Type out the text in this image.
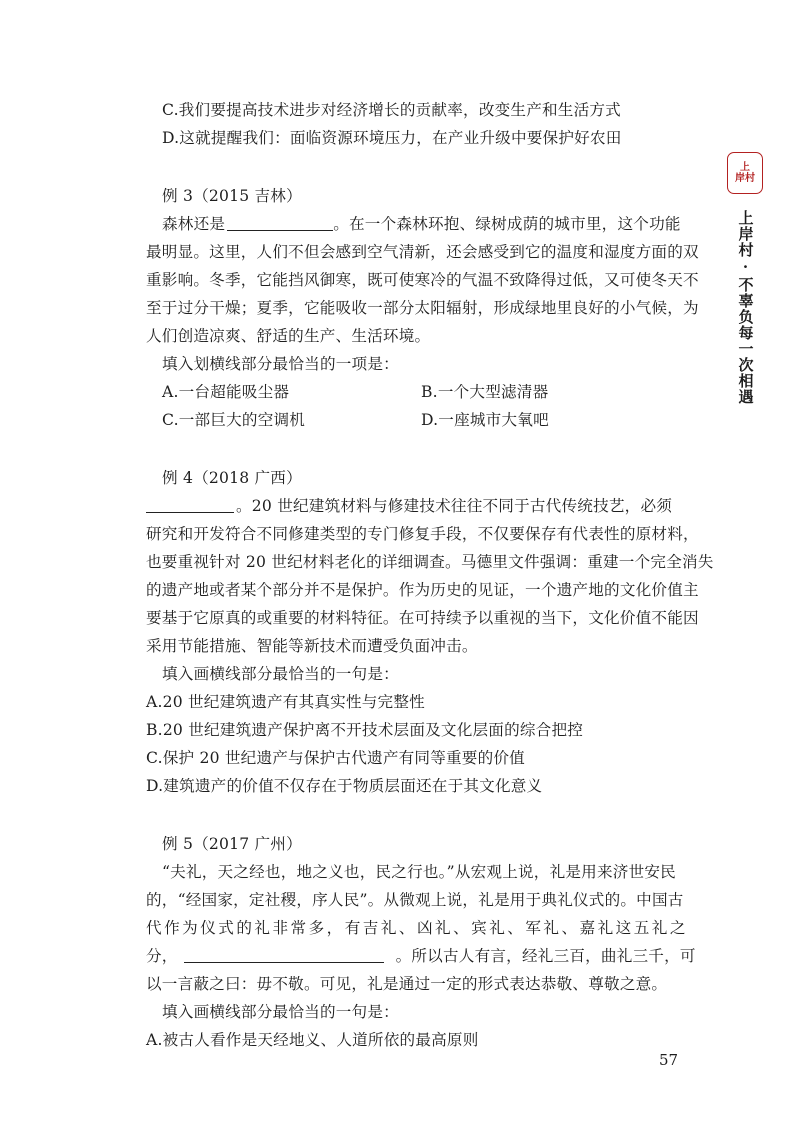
C.我们要提高技术进步对经济增长的贡献率，改变生产和生活方式
D.这就提醒我们：面临资源环境压力，在产业升级中要保护好农田
例 3（2015 吉林）
森林还是	。在一个森林环抱、绿树成荫的城市里，这个功能
最明显。这里，人们不但会感到空气清新，还会感受到它的温度和湿度方面的双
重影响。冬季，它能挡风御寒，既可使寒冷的气温不致降得过低，又可使冬天不
至于过分干燥；夏季，它能吸收一部分太阳辐射，形成绿地里良好的小气候，为
人们创造凉爽、舒适的生产、生活环境。
填入划横线部分最恰当的一项是：
A.一台超能吸尘器	B.一个大型滤清器
C.一部巨大的空调机	D.一座城市大氧吧
例 4（2018 广西）
。20 世纪建筑材料与修建技术往往不同于古代传统技艺，必须
研究和开发符合不同修建类型的专门修复手段，不仅要保存有代表性的原材料，
也要重视针对 20 世纪材料老化的详细调查。马德里文件强调：重建一个完全消失
的遗产地或者某个部分并不是保护。作为历史的见证，一个遗产地的文化价值主
要基于它原真的或重要的材料特征。在可持续予以重视的当下，文化价值不能因
采用节能措施、智能等新技术而遭受负面冲击。
填入画横线部分最恰当的一句是：
A.20 世纪建筑遗产有其真实性与完整性
B.20 世纪建筑遗产保护离不开技术层面及文化层面的综合把控
C.保护 20 世纪遗产与保护古代遗产有同等重要的价值
D.建筑遗产的价值不仅存在于物质层面还在于其文化意义
例 5（2017 广州）
“夫礼，天之经也，地之义也，民之行也。”从宏观上说，礼是用来济世安民
的，“经国家，定社稷，序人民”。从微观上说，礼是用于典礼仪式的。中国古
代 作 为 仪 式 的 礼 非 常 多 ， 有 吉 礼 、 凶 礼 、 宾 礼 、 军 礼 、 嘉 礼 这 五 礼 之
分，	。所以古人有言，经礼三百，曲礼三千，可
以一言蔽之曰：毋不敬。可见，礼是通过一定的形式表达恭敬、尊敬之意。
填入画横线部分最恰当的一句是：
A.被古人看作是天经地义、人道所依的最高原则
上
岸村
上岸村·不辜负每一次相遇
57
